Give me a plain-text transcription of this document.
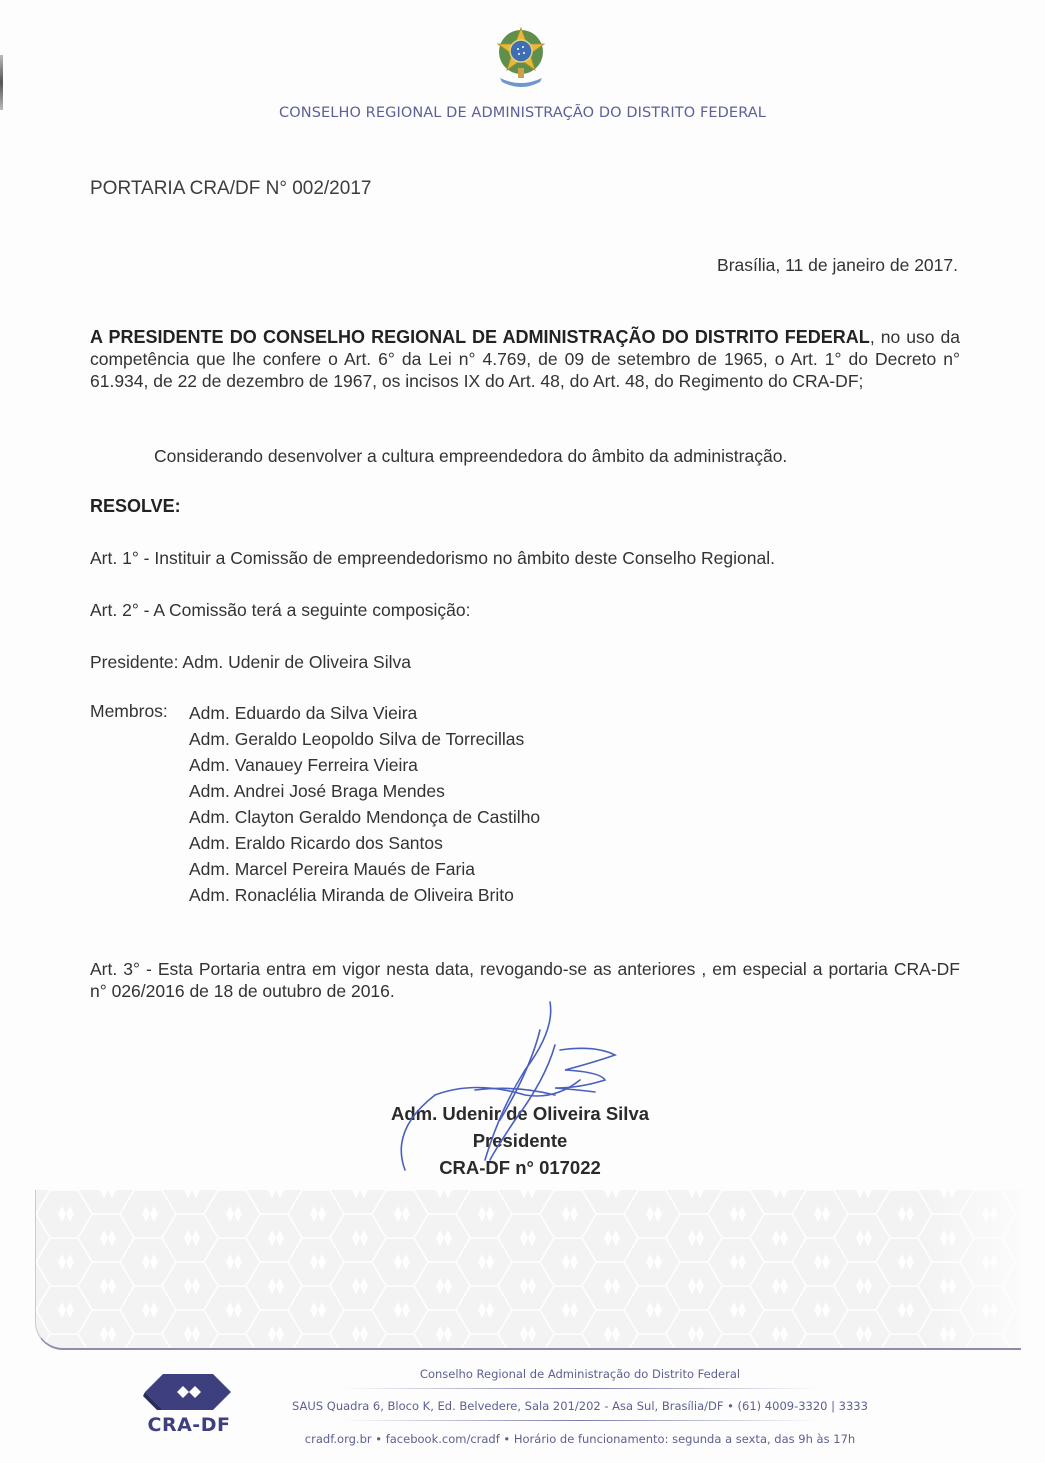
CONSELHO REGIONAL DE ADMINISTRAÇÃO DO DISTRITO FEDERAL
PORTARIA CRA/DF N° 002/2017
Brasília, 11 de janeiro de 2017.
A PRESIDENTE DO CONSELHO REGIONAL DE ADMINISTRAÇÃO DO DISTRITO FEDERAL, no uso da competência que lhe confere o Art. 6° da Lei n° 4.769, de 09 de setembro de 1965, o Art. 1° do Decreto n° 61.934, de 22 de dezembro de 1967, os incisos IX do Art. 48, do Art. 48, do Regimento do CRA-DF;
Considerando desenvolver a cultura empreendedora do âmbito da administração.
RESOLVE:
Art. 1° - Instituir a Comissão de empreendedorismo no âmbito deste Conselho Regional.
Art. 2° - A Comissão terá a seguinte composição:
Presidente: Adm. Udenir de Oliveira Silva
Membros: Adm. Eduardo da Silva Vieira
Adm. Geraldo Leopoldo Silva de Torrecillas
Adm. Vanauey Ferreira Vieira
Adm. Andrei José Braga Mendes
Adm. Clayton Geraldo Mendonça de Castilho
Adm. Eraldo Ricardo dos Santos
Adm. Marcel Pereira Maués de Faria
Adm. Ronaclélia Miranda de Oliveira Brito
Art. 3° - Esta Portaria entra em vigor nesta data, revogando-se as anteriores , em especial a portaria CRA-DF n° 026/2016 de 18 de outubro de 2016.
Adm. Udenir de Oliveira Silva
Presidente
CRA-DF n° 017022
CRA-DF
Conselho Regional de Administração do Distrito Federal
SAUS Quadra 6, Bloco K, Ed. Belvedere, Sala 201/202 - Asa Sul, Brasília/DF • (61) 4009-3320 | 3333
cradf.org.br • facebook.com/cradf • Horário de funcionamento: segunda a sexta, das 9h às 17h
